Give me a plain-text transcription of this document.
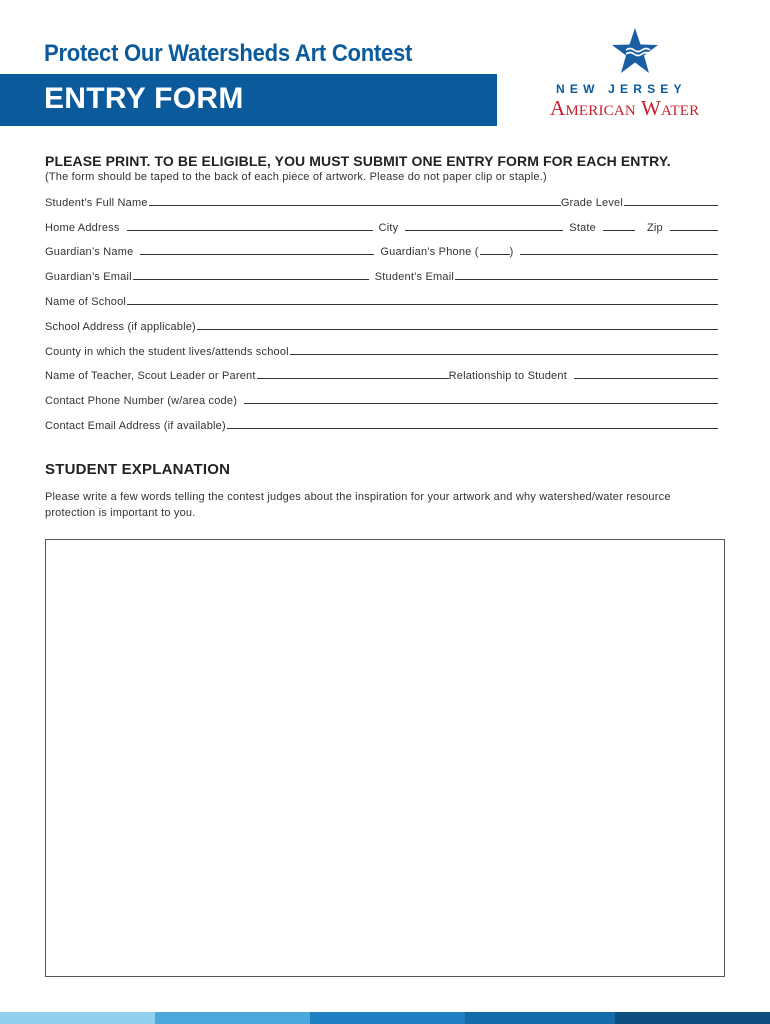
Protect Our Watersheds Art Contest
ENTRY FORM	NEW JERSEY
American Water
PLEASE PRINT. TO BE ELIGIBLE, YOU MUST SUBMIT ONE ENTRY FORM FOR EACH ENTRY.
(The form should be taped to the back of each piece of artwork. Please do not paper clip or staple.)
Student’s Full Name	Grade Level
Home Address	City	State	Zip
Guardian’s Name	Guardian’s Phone (	)
Guardian’s Email	Student’s Email
Name of School
School Address (if applicable)
County in which the student lives/attends school
Name of Teacher, Scout Leader or Parent	Relationship to Student
Contact Phone Number (w/area code)
Contact Email Address (if available)
STUDENT EXPLANATION
Please write a few words telling the contest judges about the inspiration for your artwork and why watershed/water resource protection is important to you.
